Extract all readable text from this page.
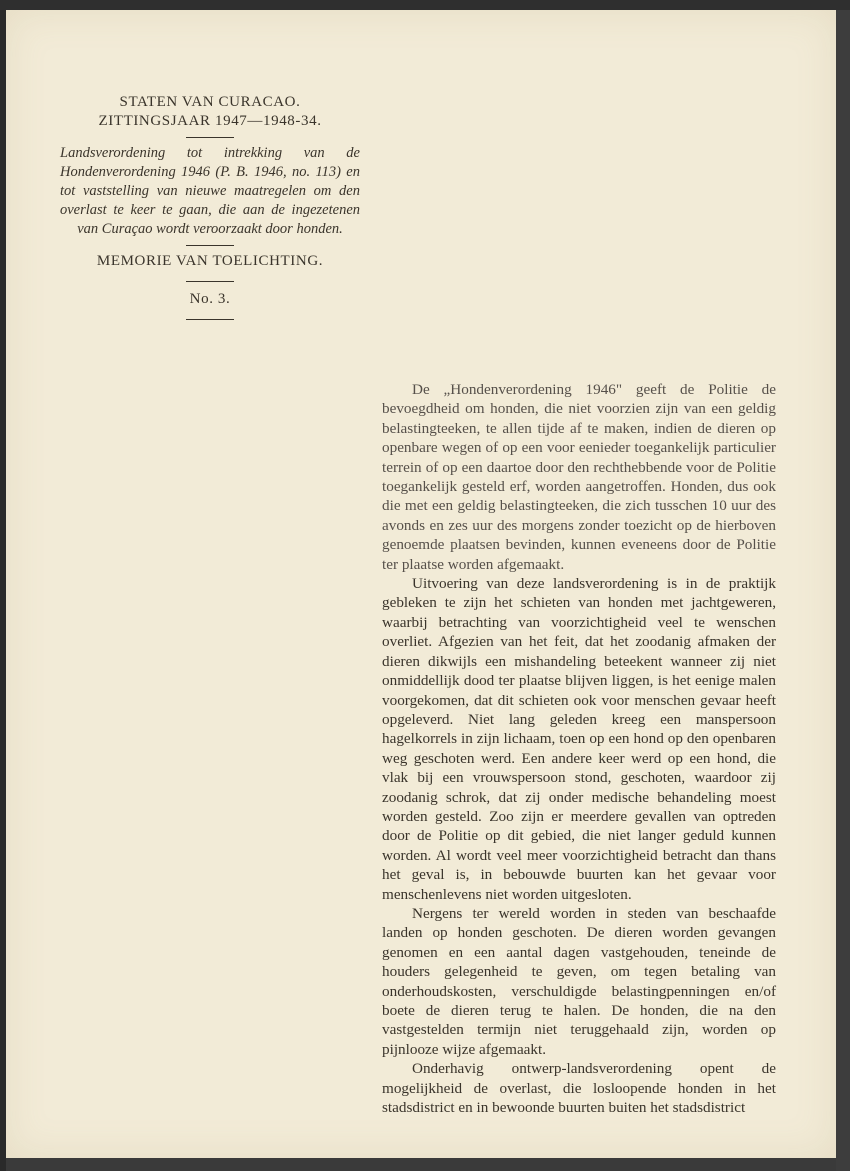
STATEN VAN CURACAO.
ZITTINGSJAAR 1947—1948-34.
Landsverordening tot intrekking van de Hondenverordening 1946 (P. B. 1946, no. 113) en tot vaststelling van nieuwe maatregelen om den overlast te keer te gaan, die aan de ingezetenen van Curaçao wordt veroorzaakt door honden.
MEMORIE VAN TOELICHTING.
No. 3.

De „Hondenverordening 1946" geeft de Politie de bevoegdheid om honden, die niet voorzien zijn van een geldig belastingteeken, te allen tijde af te maken, indien de dieren op openbare wegen of op een voor eenieder toegankelijk particulier terrein of op een daartoe door den rechthebbende voor de Politie toegankelijk gesteld erf, worden aangetroffen. Honden, dus ook die met een geldig belastingteeken, die zich tusschen 10 uur des avonds en zes uur des morgens zonder toezicht op de hierboven genoemde plaatsen bevinden, kunnen eveneens door de Politie ter plaatse worden afgemaakt.

Uitvoering van deze landsverordening is in de praktijk gebleken te zijn het schieten van honden met jachtgeweren, waarbij betrachting van voorzichtigheid veel te wenschen overliet. Afgezien van het feit, dat het zoodanig afmaken der dieren dikwijls een mishandeling beteekent wanneer zij niet onmiddellijk dood ter plaatse blijven liggen, is het eenige malen voorgekomen, dat dit schieten ook voor menschen gevaar heeft opgeleverd. Niet lang geleden kreeg een manspersoon hagelkorrels in zijn lichaam, toen op een hond op den openbaren weg geschoten werd. Een andere keer werd op een hond, die vlak bij een vrouwspersoon stond, geschoten, waardoor zij zoodanig schrok, dat zij onder medische behandeling moest worden gesteld. Zoo zijn er meerdere gevallen van optreden door de Politie op dit gebied, die niet langer geduld kunnen worden. Al wordt veel meer voorzichtigheid betracht dan thans het geval is, in bebouwde buurten kan het gevaar voor menschenlevens niet worden uitgesloten.

Nergens ter wereld worden in steden van beschaafde landen op honden geschoten. De dieren worden gevangen genomen en een aantal dagen vastgehouden, teneinde de houders gelegenheid te geven, om tegen betaling van onderhoudskosten, verschuldigde belastingpenningen en/of boete de dieren terug te halen. De honden, die na den vastgestelden termijn niet teruggehaald zijn, worden op pijnlooze wijze afgemaakt.

Onderhavig ontwerp-landsverordening opent de mogelijkheid de overlast, die losloopende honden in het stadsdistrict en in bewoonde buurten buiten het stadsdistrict
